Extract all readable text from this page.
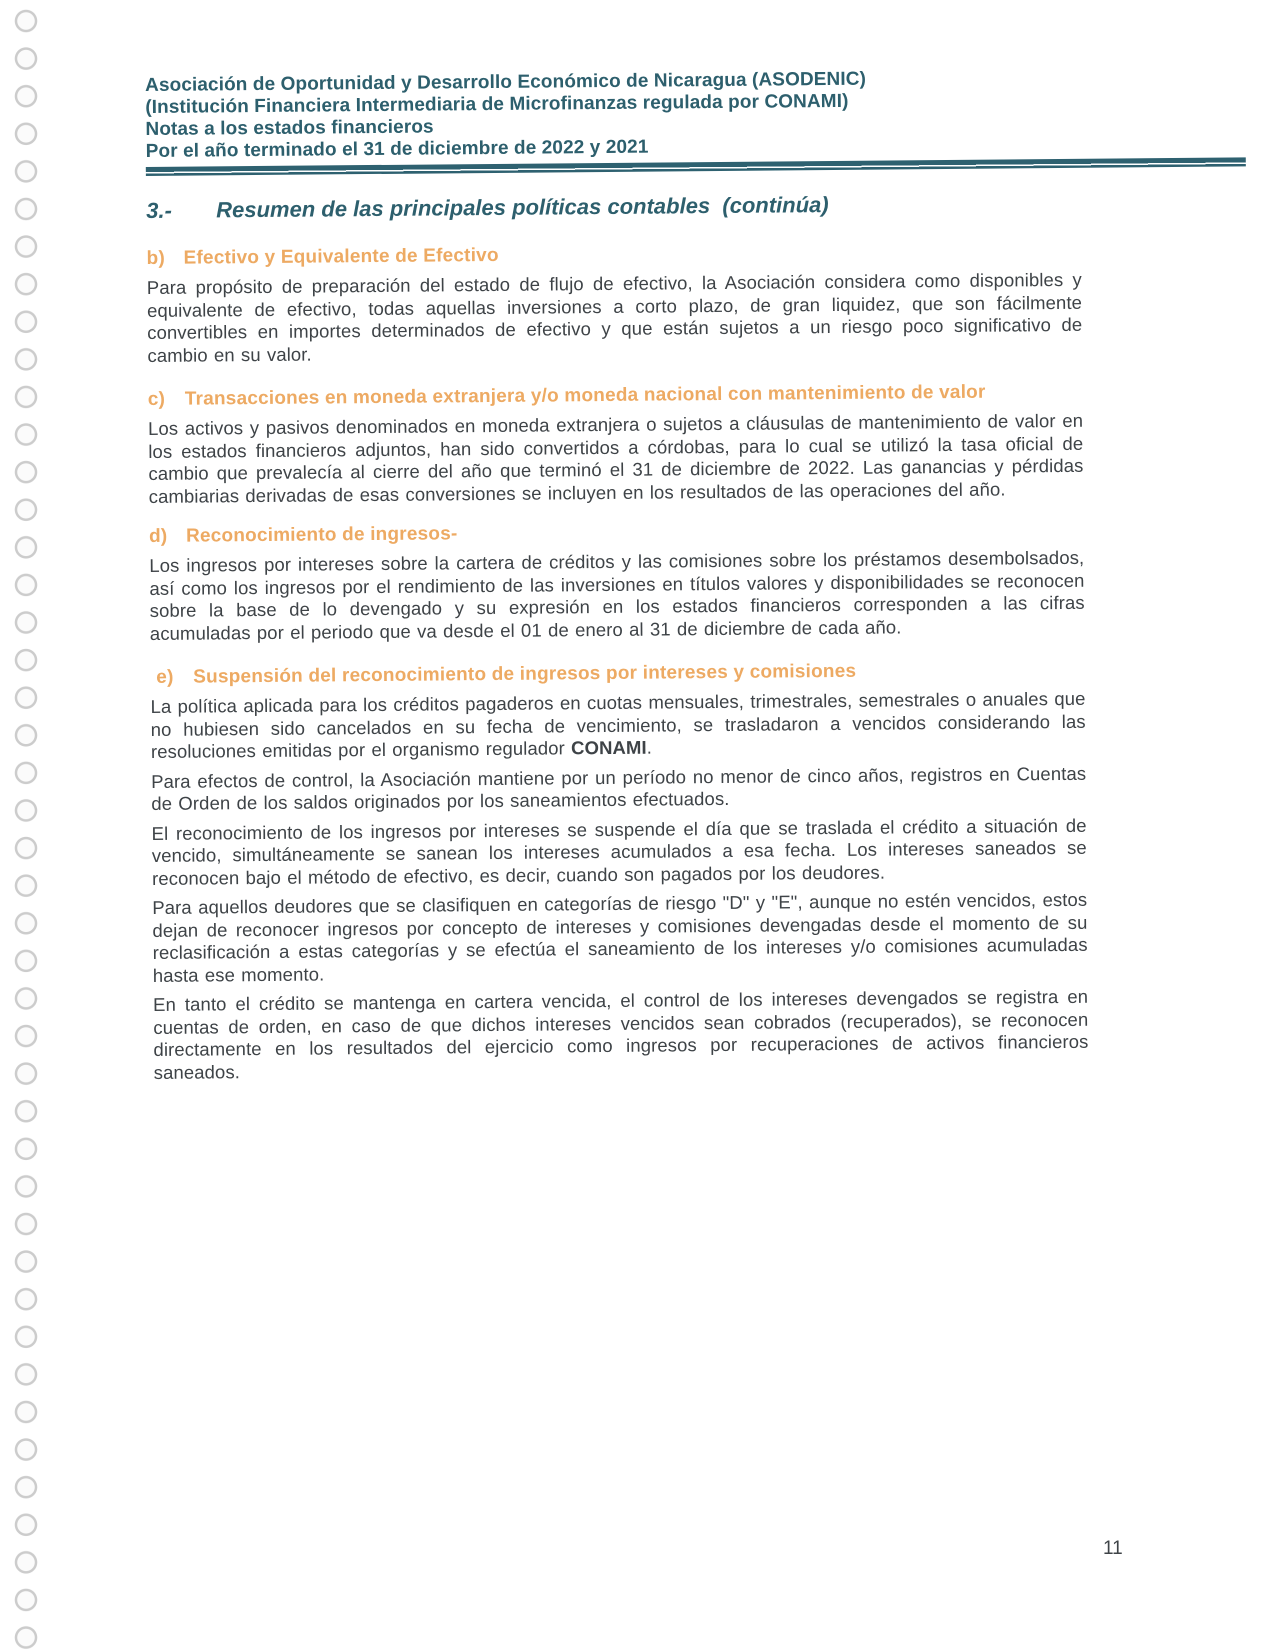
Asociación de Oportunidad y Desarrollo Económico de Nicaragua (ASODENIC)
(Institución Financiera Intermediaria de Microfinanzas regulada por CONAMI)
Notas a los estados financieros
Por el año terminado el 31 de diciembre de 2022 y 2021
3.-	Resumen de las principales políticas contables  (continúa)
b) Efectivo y Equivalente de Efectivo

Para propósito de preparación del estado de flujo de efectivo, la Asociación considera como disponibles y equivalente de efectivo, todas aquellas inversiones a corto plazo, de gran liquidez, que son fácilmente convertibles en importes determinados de efectivo y que están sujetos a un riesgo poco significativo de cambio en su valor.

c)	Transacciones en moneda extranjera y/o moneda nacional con mantenimiento de valor

Los activos y pasivos denominados en moneda extranjera o sujetos a cláusulas de mantenimiento de valor en los estados financieros adjuntos, han sido convertidos a córdobas, para lo cual se utilizó la tasa oficial de cambio que prevalecía al cierre del año que terminó el 31 de diciembre de 2022. Las ganancias y pérdidas cambiarias derivadas de esas conversiones se incluyen en los resultados de las operaciones del año.

d) Reconocimiento de ingresos-

Los ingresos por intereses sobre la cartera de créditos y las comisiones sobre los préstamos desembolsados, así como los ingresos por el rendimiento de las inversiones en títulos valores y disponibilidades se reconocen sobre la base de lo devengado y su expresión en los estados financieros corresponden a las cifras acumuladas por el periodo que va desde el 01 de enero al 31 de diciembre de cada año.

e)	Suspensión del reconocimiento de ingresos por intereses y comisiones

La política aplicada para los créditos pagaderos en cuotas mensuales, trimestrales, semestrales o anuales que no hubiesen sido cancelados en su fecha de vencimiento, se trasladaron a vencidos considerando las resoluciones emitidas por el organismo regulador CONAMI.

Para efectos de control, la Asociación mantiene por un período no menor de cinco años, registros en Cuentas de Orden de los saldos originados por los saneamientos efectuados.

El reconocimiento de los ingresos por intereses se suspende el día que se traslada el crédito a situación de vencido, simultáneamente se sanean los intereses acumulados a esa fecha. Los intereses saneados se reconocen bajo el método de efectivo, es decir, cuando son pagados por los deudores.

Para aquellos deudores que se clasifiquen en categorías de riesgo "D" y "E", aunque no estén vencidos, estos dejan de reconocer ingresos por concepto de intereses y comisiones devengadas desde el momento de su reclasificación a estas categorías y se efectúa el saneamiento de los intereses y/o comisiones acumuladas hasta ese momento.

En tanto el crédito se mantenga en cartera vencida, el control de los intereses devengados se registra en cuentas de orden, en caso de que dichos intereses vencidos sean cobrados (recuperados), se reconocen directamente en los resultados del ejercicio como ingresos por recuperaciones de activos financieros saneados.

11
